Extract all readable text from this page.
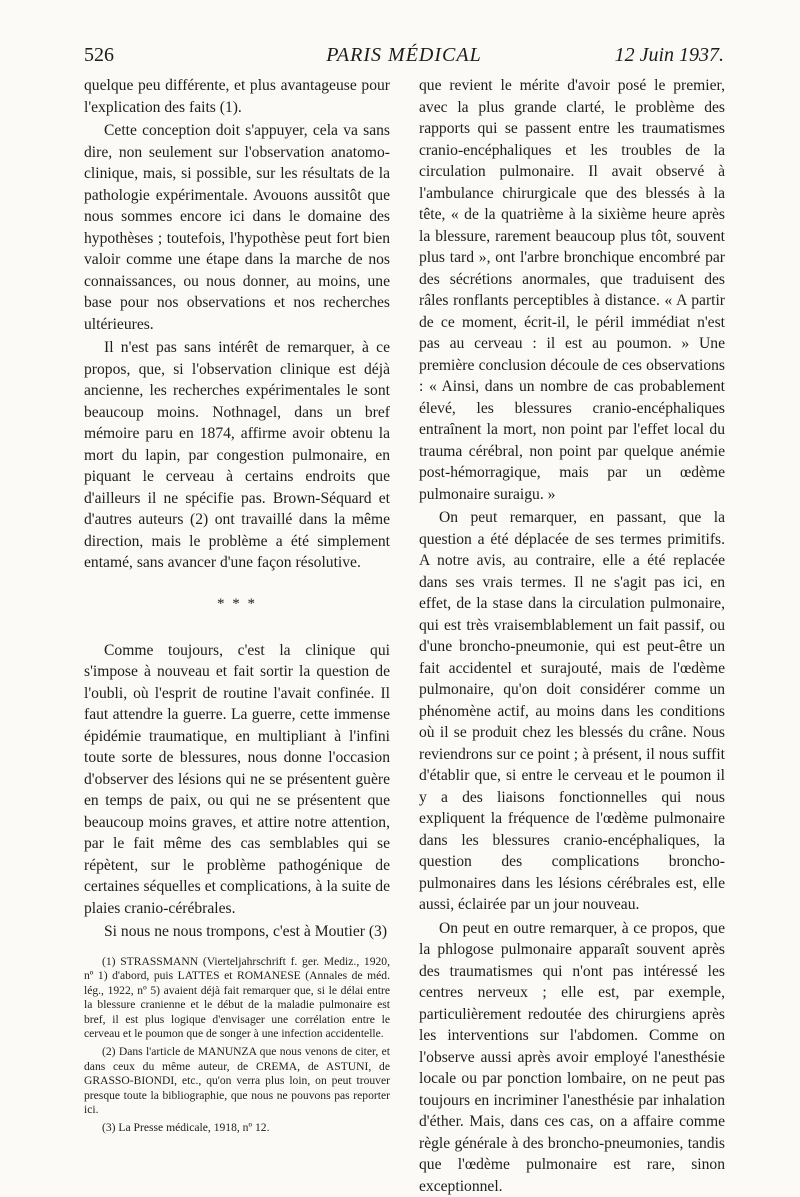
526	PARIS MÉDICAL	12 Juin 1937.

quelque peu différente, et plus avantageuse pour l'explication des faits (1).

Cette conception doit s'appuyer, cela va sans dire, non seulement sur l'observation anatomo-clinique, mais, si possible, sur les résultats de la pathologie expérimentale. Avouons aussitôt que nous sommes encore ici dans le domaine des hypothèses ; toutefois, l'hypothèse peut fort bien valoir comme une étape dans la marche de nos connaissances, ou nous donner, au moins, une base pour nos observations et nos recherches ultérieures.

Il n'est pas sans intérêt de remarquer, à ce propos, que, si l'observation clinique est déjà ancienne, les recherches expérimentales le sont beaucoup moins. Nothnagel, dans un bref mémoire paru en 1874, affirme avoir obtenu la mort du lapin, par congestion pulmonaire, en piquant le cerveau à certains endroits que d'ailleurs il ne spécifie pas. Brown-Séquard et d'autres auteurs (2) ont travaillé dans la même direction, mais le problème a été simplement entamé, sans avancer d'une façon résolutive.

* * *

Comme toujours, c'est la clinique qui s'impose à nouveau et fait sortir la question de l'oubli, où l'esprit de routine l'avait confinée. Il faut attendre la guerre. La guerre, cette immense épidémie traumatique, en multipliant à l'infini toute sorte de blessures, nous donne l'occasion d'observer des lésions qui ne se présentent guère en temps de paix, ou qui ne se présentent que beaucoup moins graves, et attire notre attention, par le fait même des cas semblables qui se répètent, sur le problème pathogénique de certaines séquelles et complications, à la suite de plaies cranio-cérébrales.

Si nous ne nous trompons, c'est à Moutier (3)

(1) STRASSMANN (Vierteljahrschrift f. ger. Mediz., 1920, nº 1) d'abord, puis LATTES et ROMANESE (Annales de méd. lég., 1922, nº 5) avaient déjà fait remarquer que, si le délai entre la blessure cranienne et le début de la maladie pulmonaire est bref, il est plus logique d'envisager une corrélation entre le cerveau et le poumon que de songer à une infection accidentelle.

(2) Dans l'article de MANUNZA que nous venons de citer, et dans ceux du même auteur, de CREMA, de ASTUNI, de GRASSO-BIONDI, etc., qu'on verra plus loin, on peut trouver presque toute la bibliographie, que nous ne pouvons pas reporter ici.

(3) La Presse médicale, 1918, nº 12.

que revient le mérite d'avoir posé le premier, avec la plus grande clarté, le problème des rapports qui se passent entre les traumatismes cranio-encéphaliques et les troubles de la circulation pulmonaire. Il avait observé à l'ambulance chirurgicale que des blessés à la tête, « de la quatrième à la sixième heure après la blessure, rarement beaucoup plus tôt, souvent plus tard », ont l'arbre bronchique encombré par des sécrétions anormales, que traduisent des râles ronflants perceptibles à distance. « A partir de ce moment, écrit-il, le péril immédiat n'est pas au cerveau : il est au poumon. » Une première conclusion découle de ces observations : « Ainsi, dans un nombre de cas probablement élevé, les blessures cranio-encéphaliques entraînent la mort, non point par l'effet local du trauma cérébral, non point par quelque anémie post-hémorragique, mais par un œdème pulmonaire suraigu. »

On peut remarquer, en passant, que la question a été déplacée de ses termes primitifs. A notre avis, au contraire, elle a été replacée dans ses vrais termes. Il ne s'agit pas ici, en effet, de la stase dans la circulation pulmonaire, qui est très vraisemblablement un fait passif, ou d'une broncho-pneumonie, qui est peut-être un fait accidentel et surajouté, mais de l'œdème pulmonaire, qu'on doit considérer comme un phénomène actif, au moins dans les conditions où il se produit chez les blessés du crâne. Nous reviendrons sur ce point ; à présent, il nous suffit d'établir que, si entre le cerveau et le poumon il y a des liaisons fonctionnelles qui nous expliquent la fréquence de l'œdème pulmonaire dans les blessures cranio-encéphaliques, la question des complications broncho-pulmonaires dans les lésions cérébrales est, elle aussi, éclairée par un jour nouveau.

On peut en outre remarquer, à ce propos, que la phlogose pulmonaire apparaît souvent après des traumatismes qui n'ont pas intéressé les centres nerveux ; elle est, par exemple, particulièrement redoutée des chirurgiens après les interventions sur l'abdomen. Comme on l'observe aussi après avoir employé l'anesthésie locale ou par ponction lombaire, on ne peut pas toujours en incriminer l'anesthésie par inhalation d'éther. Mais, dans ces cas, on a affaire comme règle générale à des broncho-pneumonies, tandis que l'œdème pulmonaire est rare, sinon exceptionnel.
